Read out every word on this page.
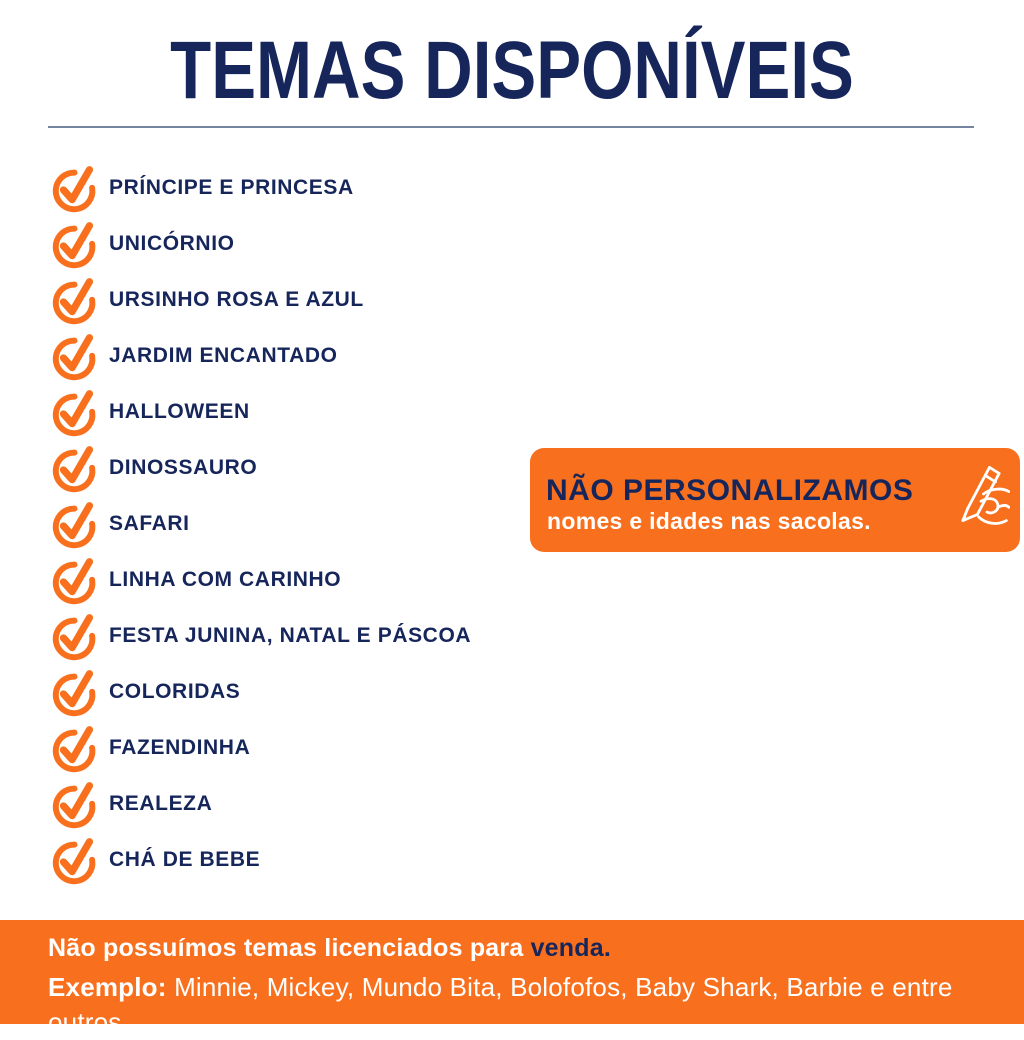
TEMAS DISPONÍVEIS
PRÍNCIPE E PRINCESA
UNICÓRNIO
URSINHO ROSA E AZUL
JARDIM ENCANTADO
HALLOWEEN
DINOSSAURO
SAFARI
LINHA COM CARINHO
FESTA JUNINA, NATAL E PÁSCOA
COLORIDAS
FAZENDINHA
REALEZA
CHÁ DE BEBE
NÃO PERSONALIZAMOS
nomes e idades nas sacolas.
Não possuímos temas licenciados para venda.
Exemplo: Minnie, Mickey, Mundo Bita, Bolofofos, Baby Shark, Barbie e entre outros.
